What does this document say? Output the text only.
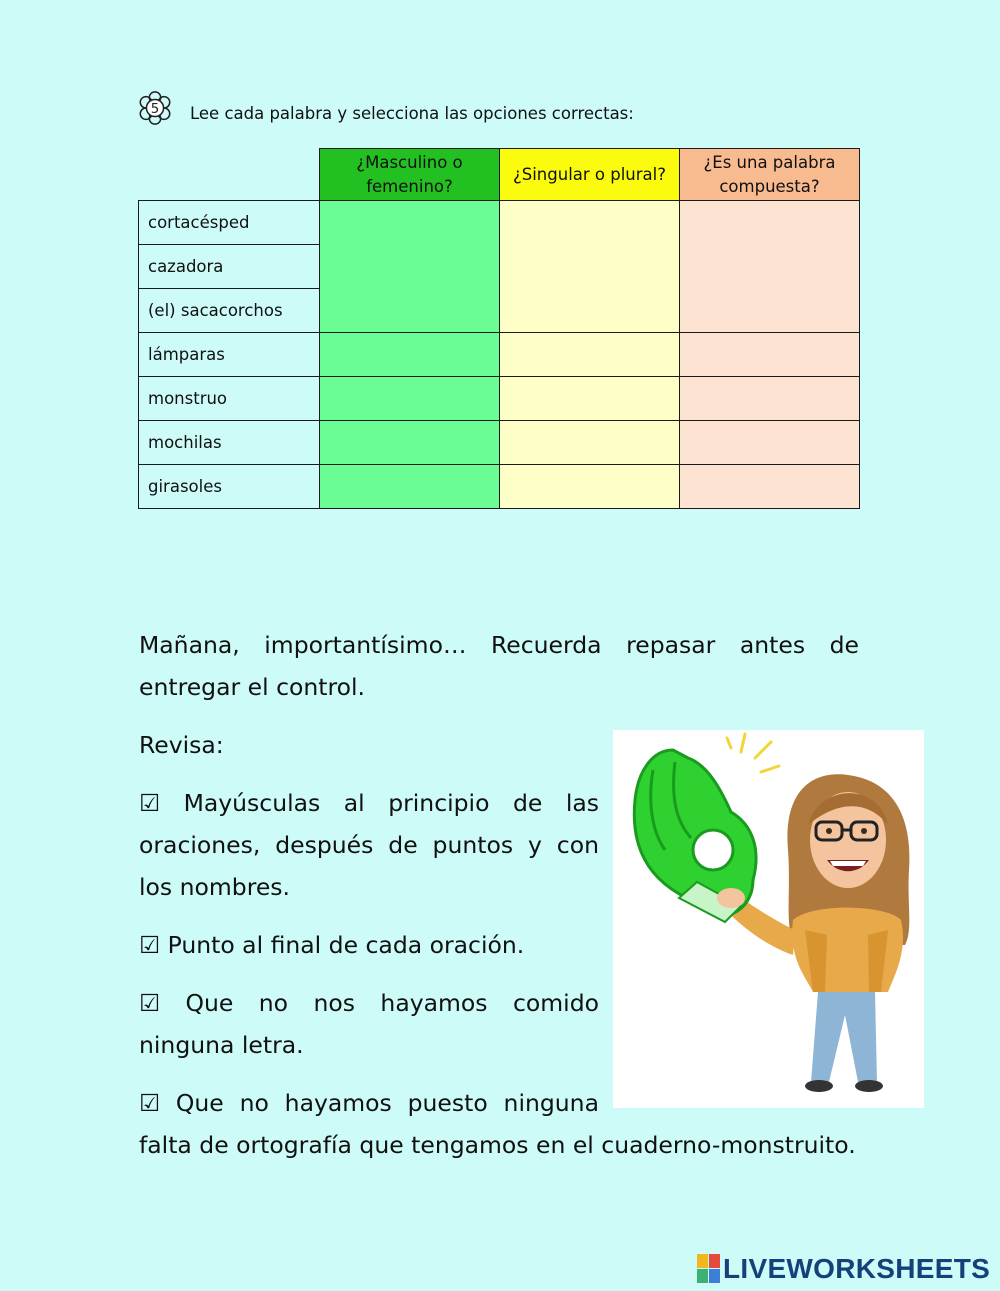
5 Lee cada palabra y selecciona las opciones correctas:
	¿Masculino o femenino?	¿Singular o plural?	¿Es una palabra compuesta?
cortacésped			
cazadora			
(el) sacacorchos			
lámparas			
monstruo			
mochilas			
girasoles			

Mañana, importantísimo… Recuerda repasar antes de entregar el control.

Revisa:

☑ Mayúsculas al principio de las oraciones, después de puntos y con los nombres.

☑ Punto al final de cada oración.

☑ Que no nos hayamos comido ninguna letra.

☑ Que no hayamos puesto ninguna

falta de ortografía que tengamos en el cuaderno-monstruito.

LIVEWORKSHEETS
